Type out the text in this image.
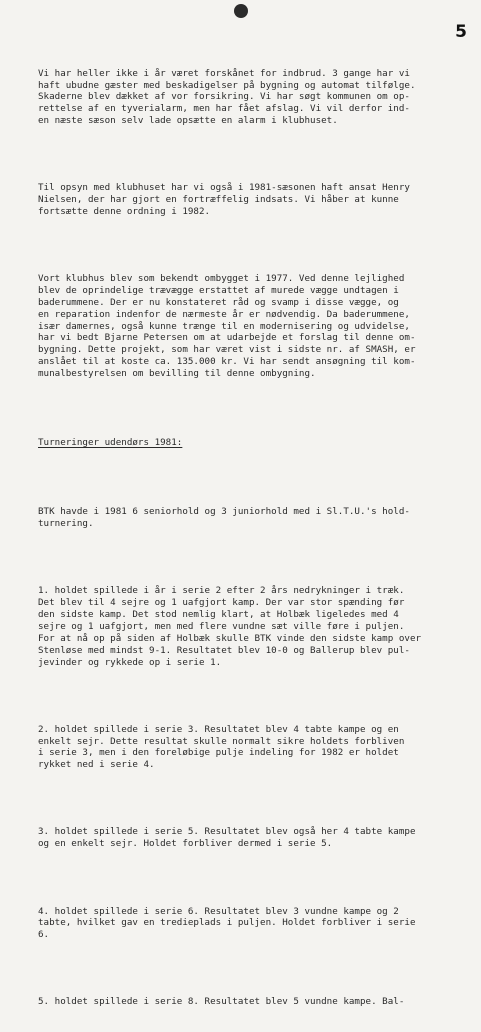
5

Vi har heller ikke i år været forskånet for indbrud. 3 gange har vi
haft ubudne gæster med beskadigelser på bygning og automat tilfølge.
Skaderne blev dækket af vor forsikring. Vi har søgt kommunen om op-
rettelse af en tyverialarm, men har fået afslag. Vi vil derfor ind-
en næste sæson selv lade opsætte en alarm i klubhuset.

Til opsyn med klubhuset har vi også i 1981-sæsonen haft ansat Henry
Nielsen, der har gjort en fortræffelig indsats. Vi håber at kunne
fortsætte denne ordning i 1982.

Vort klubhus blev som bekendt ombygget i 1977. Ved denne lejlighed
blev de oprindelige trævægge erstattet af murede vægge undtagen i
baderummene. Der er nu konstateret råd og svamp i disse vægge, og
en reparation indenfor de nærmeste år er nødvendig. Da baderummene,
især damernes, også kunne trænge til en modernisering og udvidelse,
har vi bedt Bjarne Petersen om at udarbejde et forslag til denne om-
bygning. Dette projekt, som har været vist i sidste nr. af SMASH, er
anslået til at koste ca. 135.000 kr. Vi har sendt ansøgning til kom-
munalbestyrelsen om bevilling til denne ombygning.

Turneringer udendørs 1981:

BTK havde i 1981 6 seniorhold og 3 juniorhold med i Sl.T.U.'s hold-
turnering.

1. holdet spillede i år i serie 2 efter 2 års nedrykninger i træk.
Det blev til 4 sejre og 1 uafgjort kamp. Der var stor spænding før
den sidste kamp. Det stod nemlig klart, at Holbæk ligeledes med 4
sejre og 1 uafgjort, men med flere vundne sæt ville føre i puljen.
For at nå op på siden af Holbæk skulle BTK vinde den sidste kamp over
Stenløse med mindst 9-1. Resultatet blev 10-0 og Ballerup blev pul-
jevinder og rykkede op i serie 1.

2. holdet spillede i serie 3. Resultatet blev 4 tabte kampe og en
enkelt sejr. Dette resultat skulle normalt sikre holdets forbliven
i serie 3, men i den foreløbige pulje indeling for 1982 er holdet
rykket ned i serie 4.

3. holdet spillede i serie 5. Resultatet blev også her 4 tabte kampe
og en enkelt sejr. Holdet forbliver dermed i serie 5.

4. holdet spillede i serie 6. Resultatet blev 3 vundne kampe og 2
tabte, hvilket gav en tredieplads i puljen. Holdet forbliver i serie
6.

5. holdet spillede i serie 8. Resultatet blev 5 vundne kampe. Bal-
